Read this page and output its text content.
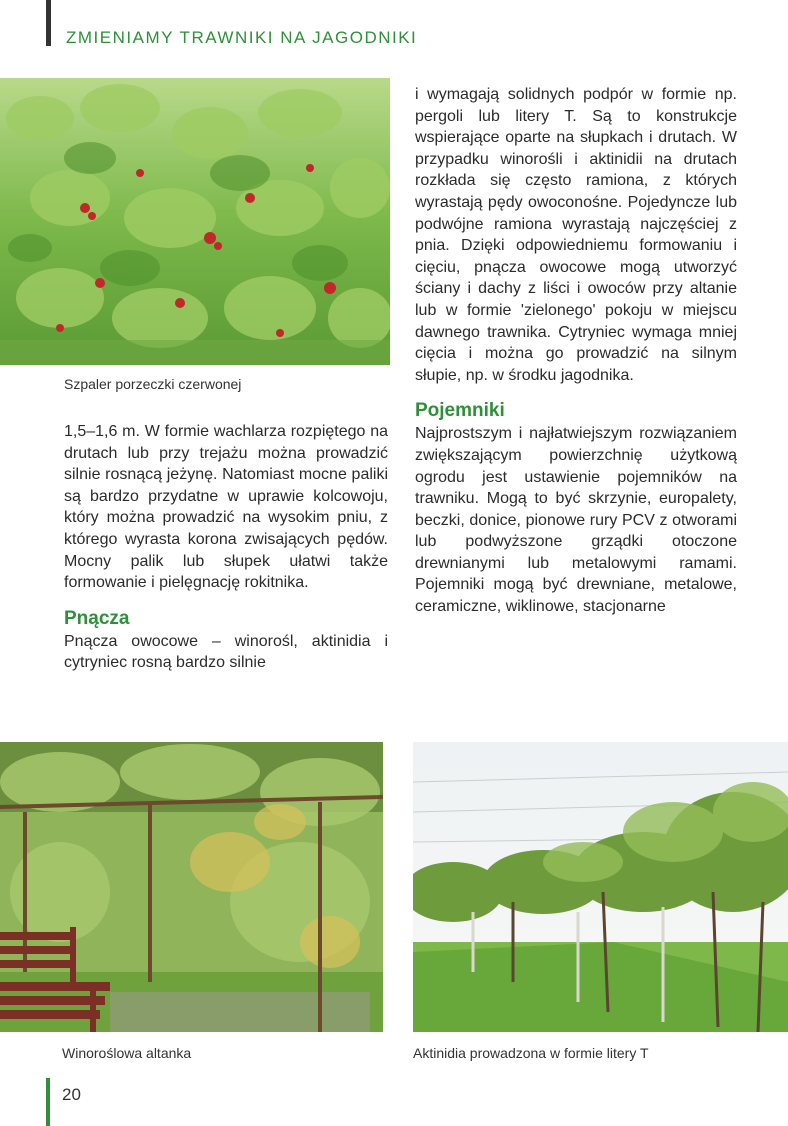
ZMIENIAMY TRAWNIKI NA JAGODNIKI
Szpaler porzeczki czerwonej

1,5–1,6 m. W formie wachlarza rozpiętego na drutach lub przy trejażu można prowadzić silnie rosnącą jeżynę. Natomiast mocne paliki są bardzo przydatne w uprawie kolcowoju, który można prowadzić na wysokim pniu, z którego wyrasta korona zwisających pędów. Mocny palik lub słupek ułatwi także formowanie i pielęgnację rokitnika.

Pnącza

Pnącza owocowe – winorośl, aktinidia i cytryniec rosną bardzo silnie

i wymagają solidnych podpór w formie np. pergoli lub litery T. Są to konstrukcje wspierające oparte na słupkach i drutach. W przypadku winorośli i aktinidii na drutach rozkłada się często ramiona, z których wyrastają pędy owoconośne. Pojedyncze lub podwójne ramiona wyrastają najczęściej z pnia. Dzięki odpowiedniemu formowaniu i cięciu, pnącza owocowe mogą utworzyć ściany i dachy z liści i owoców przy altanie lub w formie 'zielonego' pokoju w miejscu dawnego trawnika. Cytryniec wymaga mniej cięcia i można go prowadzić na silnym słupie, np. w środku jagodnika.

Pojemniki

Najprostszym i najłatwiejszym rozwiązaniem zwiększającym powierzchnię użytkową ogrodu jest ustawienie pojemników na trawniku. Mogą to być skrzynie, europalety, beczki, donice, pionowe rury PCV z otworami lub podwyższone grządki otoczone drewnianymi lub metalowymi ramami. Pojemniki mogą być drewniane, metalowe, ceramiczne, wiklinowe, stacjonarne

Winoroślowa altanka	Aktinidia prowadzona w formie litery T
20
